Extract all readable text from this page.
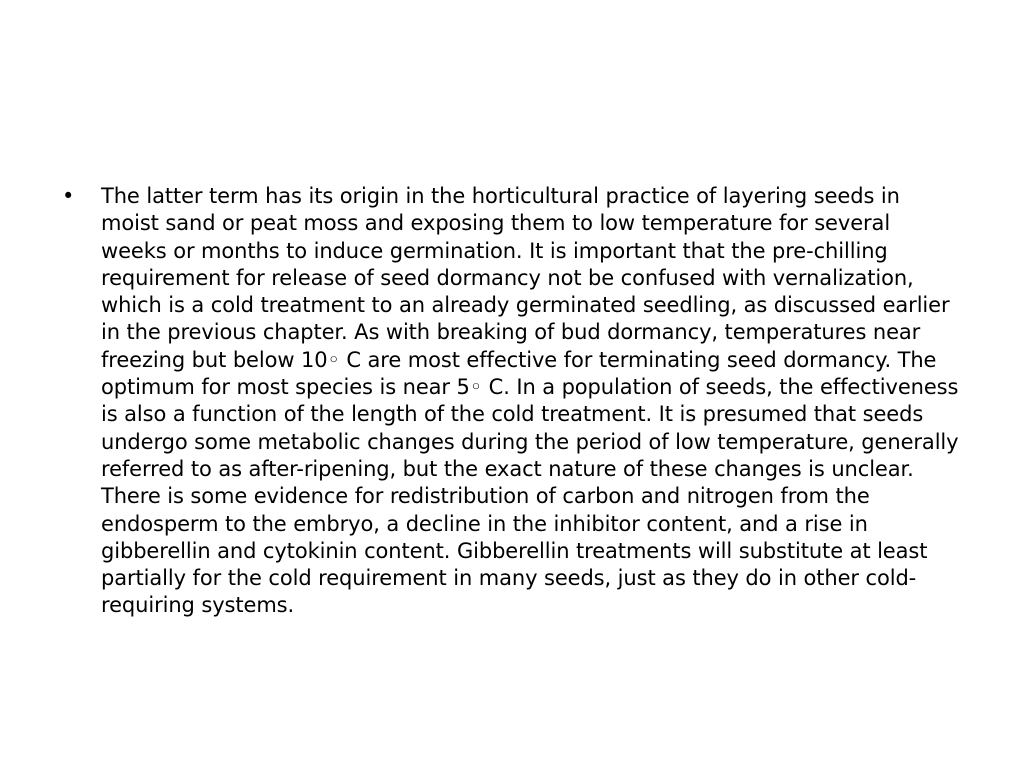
• The latter term has its origin in the horticultural practice of layering seeds in moist sand or peat moss and exposing them to low temperature for several weeks or months to induce germination. It is important that the pre-chilling requirement for release of seed dormancy not be confused with vernalization, which is a cold treatment to an already germinated seedling, as discussed earlier in the previous chapter. As with breaking of bud dormancy, temperatures near freezing but below 10◦ C are most effective for terminating seed dormancy. The optimum for most species is near 5◦ C. In a population of seeds, the effectiveness is also a function of the length of the cold treatment. It is presumed that seeds undergo some metabolic changes during the period of low temperature, generally referred to as after-ripening, but the exact nature of these changes is unclear. There is some evidence for redistribution of carbon and nitrogen from the endosperm to the embryo, a decline in the inhibitor content, and a rise in gibberellin and cytokinin content. Gibberellin treatments will substitute at least partially for the cold requirement in many seeds, just as they do in other cold-requiring systems.
